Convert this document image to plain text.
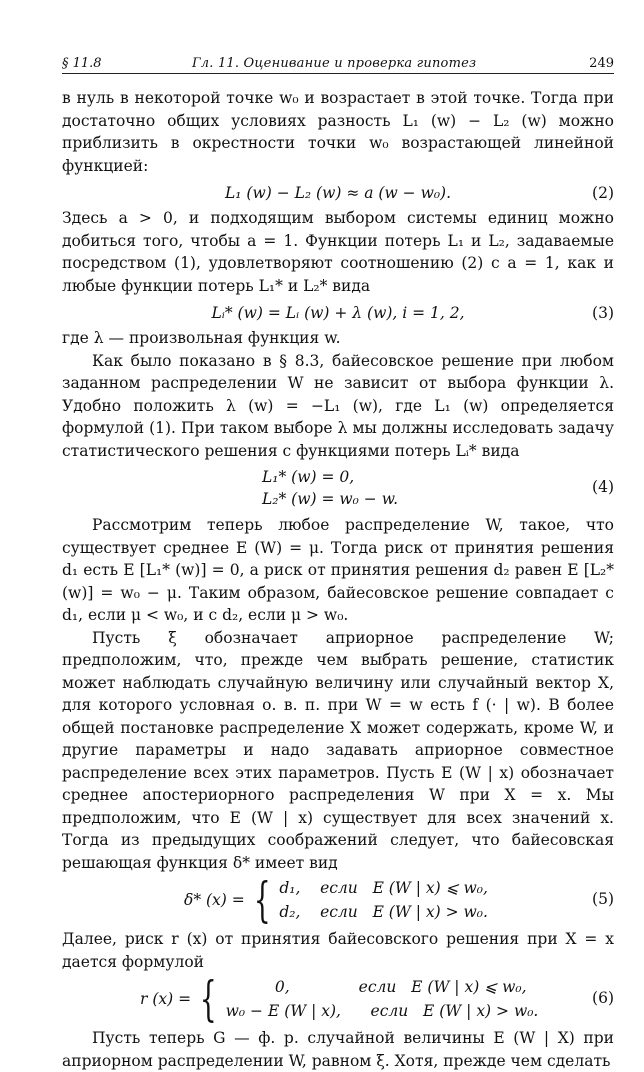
§ 11.8	Гл. 11. Оценивание и проверка гипотез	249

в нуль в некоторой точке w₀ и возрастает в этой точке. Тогда при достаточно общих условиях разность L₁ (w) − L₂ (w) можно приблизить в окрестности точки w₀ возрастающей линейной функцией:

L₁ (w) − L₂ (w) ≈ a (w − w₀).	(2)

Здесь a > 0, и подходящим выбором системы единиц можно добиться того, чтобы a = 1. Функции потерь L₁ и L₂, задаваемые посредством (1), удовлетворяют соотношению (2) с a = 1, как и любые функции потерь L₁* и L₂* вида

Lᵢ* (w) = Lᵢ (w) + λ (w), i = 1, 2,	(3)

где λ — произвольная функция w.

Как было показано в § 8.3, байесовское решение при любом заданном распределении W не зависит от выбора функции λ. Удобно положить λ (w) = −L₁ (w), где L₁ (w) определяется формулой (1). При таком выборе λ мы должны исследовать задачу статистического решения с функциями потерь Lᵢ* вида

L₁* (w) = 0,
L₂* (w) = w₀ − w.
(4)

Рассмотрим теперь любое распределение W, такое, что существует среднее E (W) = μ. Тогда риск от принятия решения d₁ есть E [L₁* (w)] = 0, а риск от принятия решения d₂ равен E [L₂* (w)] = w₀ − μ. Таким образом, байесовское решение совпадает с d₁, если μ < w₀, и с d₂, если μ > w₀.

Пусть ξ обозначает априорное распределение W; предположим, что, прежде чем выбрать решение, статистик может наблюдать случайную величину или случайный вектор X, для которого условная о. в. п. при W = w есть f (· | w). В более общей постановке распределение X может содержать, кроме W, и другие параметры и надо задавать априорное совместное распределение всех этих параметров. Пусть E (W | x) обозначает среднее апостериорного распределения W при X = x. Мы предположим, что E (W | x) существует для всех значений x. Тогда из предыдущих соображений следует, что байесовская решающая функция δ* имеет вид

δ* (x) = { d₁,    если   E (W | x) ⩽ w₀,
d₂,    если   E (W | x) > w₀.
(5)

Далее, риск r (x) от принятия байесовского решения при X = x дается формулой

r (x) = { 0,              если   E (W | x) ⩽ w₀,
w₀ − E (W | x),      если   E (W | x) > w₀.
(6)

Пусть теперь G — ф. р. случайной величины E (W | X) при априорном распределении W, равном ξ. Хотя, прежде чем сделать
